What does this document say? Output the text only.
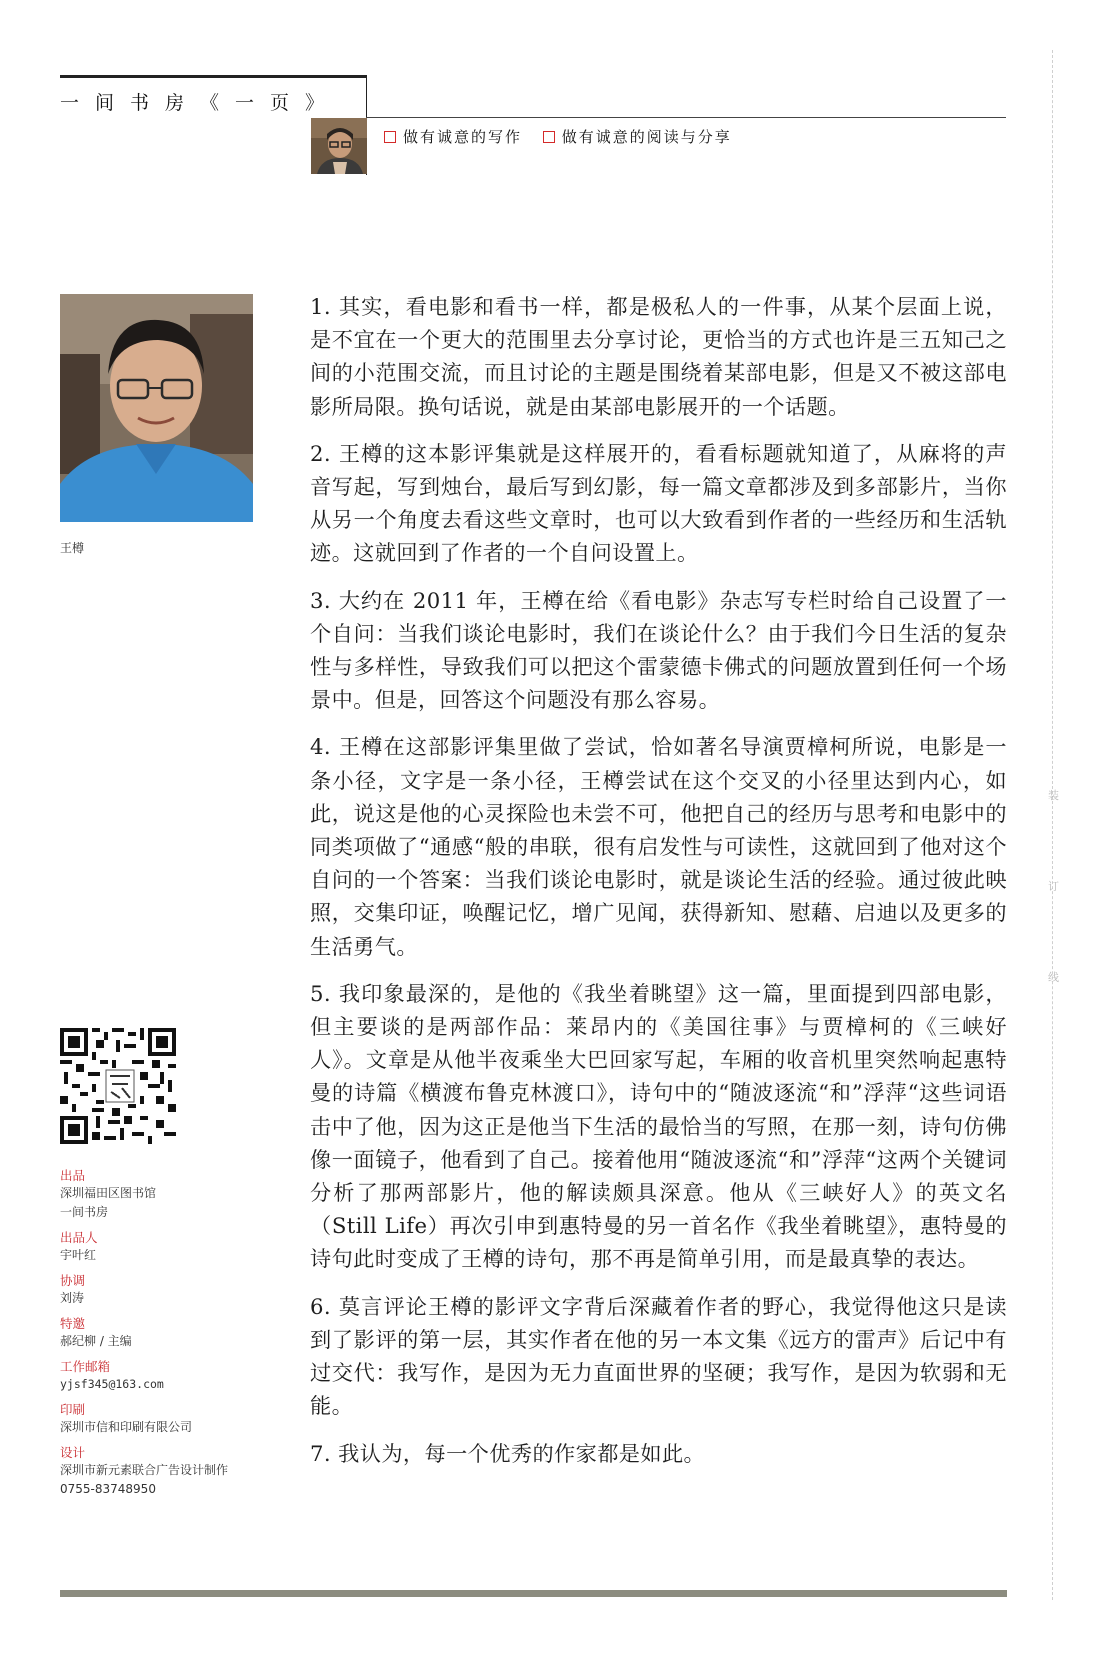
一间书房《一页》
做有诚意的写作
	做有诚意的阅读与分享
王樽

1. 其实，看电影和看书一样，都是极私人的一件事，从某个层面上说，是不宜在一个更大的范围里去分享讨论，更恰当的方式也许是三五知己之间的小范围交流，而且讨论的主题是围绕着某部电影，但是又不被这部电影所局限。换句话说，就是由某部电影展开的一个话题。

2. 王樽的这本影评集就是这样展开的，看看标题就知道了，从麻将的声音写起，写到烛台，最后写到幻影，每一篇文章都涉及到多部影片，当你从另一个角度去看这些文章时，也可以大致看到作者的一些经历和生活轨迹。这就回到了作者的一个自问设置上。

3. 大约在 2011 年，王樽在给《看电影》杂志写专栏时给自己设置了一个自问：当我们谈论电影时，我们在谈论什么？由于我们今日生活的复杂性与多样性，导致我们可以把这个雷蒙德卡佛式的问题放置到任何一个场景中。但是，回答这个问题没有那么容易。

4. 王樽在这部影评集里做了尝试，恰如著名导演贾樟柯所说，电影是一条小径，文字是一条小径，王樽尝试在这个交叉的小径里达到内心，如此，说这是他的心灵探险也未尝不可，他把自己的经历与思考和电影中的同类项做了“通感“般的串联，很有启发性与可读性，这就回到了他对这个自问的一个答案：当我们谈论电影时，就是谈论生活的经验。通过彼此映照，交集印证，唤醒记忆，增广见闻，获得新知、慰藉、启迪以及更多的生活勇气。

5. 我印象最深的，是他的《我坐着眺望》这一篇，里面提到四部电影，但主要谈的是两部作品：莱昂内的《美国往事》与贾樟柯的《三峡好人》。文章是从他半夜乘坐大巴回家写起，车厢的收音机里突然响起惠特曼的诗篇《横渡布鲁克林渡口》，诗句中的“随波逐流“和”浮萍“这些词语击中了他，因为这正是他当下生活的最恰当的写照，在那一刻，诗句仿佛像一面镜子，他看到了自己。接着他用“随波逐流“和”浮萍“这两个关键词分析了那两部影片，他的解读颇具深意。他从《三峡好人》的英文名（Still Life）再次引申到惠特曼的另一首名作《我坐着眺望》，惠特曼的诗句此时变成了王樽的诗句，那不再是简单引用，而是最真挚的表达。

6. 莫言评论王樽的影评文字背后深藏着作者的野心，我觉得他这只是读到了影评的第一层，其实作者在他的另一本文集《远方的雷声》后记中有过交代：我写作，是因为无力直面世界的坚硬；我写作，是因为软弱和无能。

7. 我认为，每一个优秀的作家都是如此。

出品
深圳福田区图书馆
一间书房
出品人
宇叶红
协调
刘涛
特邀
郝纪柳 / 主编
工作邮箱
yjsf345@163.com
印刷
深圳市信和印刷有限公司
设计
深圳市新元素联合广告设计制作
0755-83748950
装
订
线
